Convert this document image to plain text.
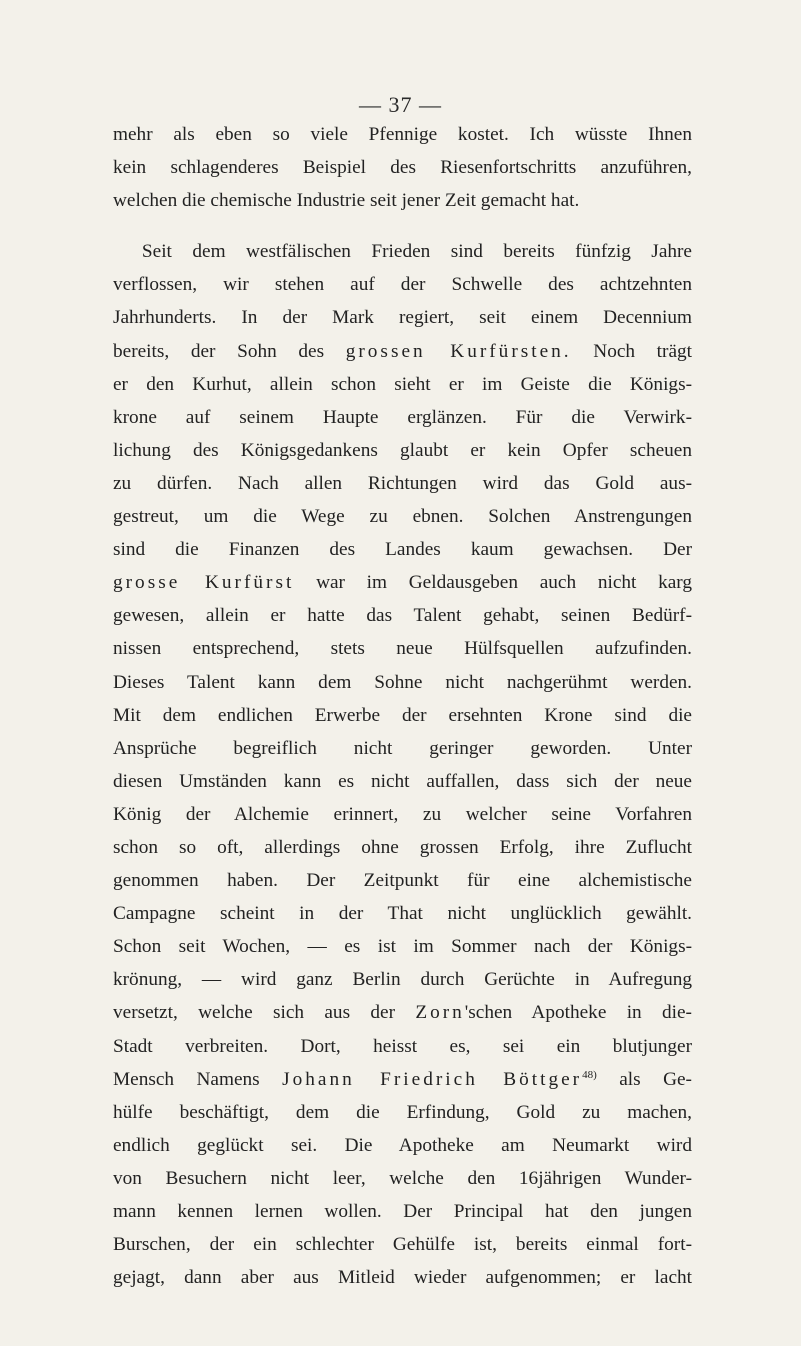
— 37 —
mehr als eben so viele Pfennige kostet. Ich wüsste Ihnen
kein schlagenderes Beispiel des Riesenfortschritts anzuführen,
welchen die chemische Industrie seit jener Zeit gemacht hat.
  Seit dem westfälischen Frieden sind bereits fünfzig Jahre
verflossen, wir stehen auf der Schwelle des achtzehnten
Jahrhunderts. In der Mark regiert, seit einem Decennium
bereits, der Sohn des grossen Kurfürsten. Noch trägt
er den Kurhut, allein schon sieht er im Geiste die Königs-
krone auf seinem Haupte erglänzen. Für die Verwirk-
lichung des Königsgedankens glaubt er kein Opfer scheuen
zu dürfen. Nach allen Richtungen wird das Gold aus-
gestreut, um die Wege zu ebnen. Solchen Anstrengungen
sind die Finanzen des Landes kaum gewachsen. Der
grosse Kurfürst war im Geldausgeben auch nicht karg
gewesen, allein er hatte das Talent gehabt, seinen Bedürf-
nissen entsprechend, stets neue Hülfsquellen aufzufinden.
Dieses Talent kann dem Sohne nicht nachgerühmt werden.
Mit dem endlichen Erwerbe der ersehnten Krone sind die
Ansprüche begreiflich nicht geringer geworden. Unter
diesen Umständen kann es nicht auffallen, dass sich der neue
König der Alchemie erinnert, zu welcher seine Vorfahren
schon so oft, allerdings ohne grossen Erfolg, ihre Zuflucht
genommen haben. Der Zeitpunkt für eine alchemistische
Campagne scheint in der That nicht unglücklich gewählt.
Schon seit Wochen, — es ist im Sommer nach der Königs-
krönung, — wird ganz Berlin durch Gerüchte in Aufregung
versetzt, welche sich aus der Zorn'schen Apotheke in die-
Stadt verbreiten. Dort, heisst es, sei ein blutjunger
Mensch Namens Johann Friedrich Böttger$^{48)}$ als Ge-
hülfe beschäftigt, dem die Erfindung, Gold zu machen,
endlich geglückt sei. Die Apotheke am Neumarkt wird
von Besuchern nicht leer, welche den 16jährigen Wunder-
mann kennen lernen wollen. Der Principal hat den jungen
Burschen, der ein schlechter Gehülfe ist, bereits einmal fort-
gejagt, dann aber aus Mitleid wieder aufgenommen; er lacht
